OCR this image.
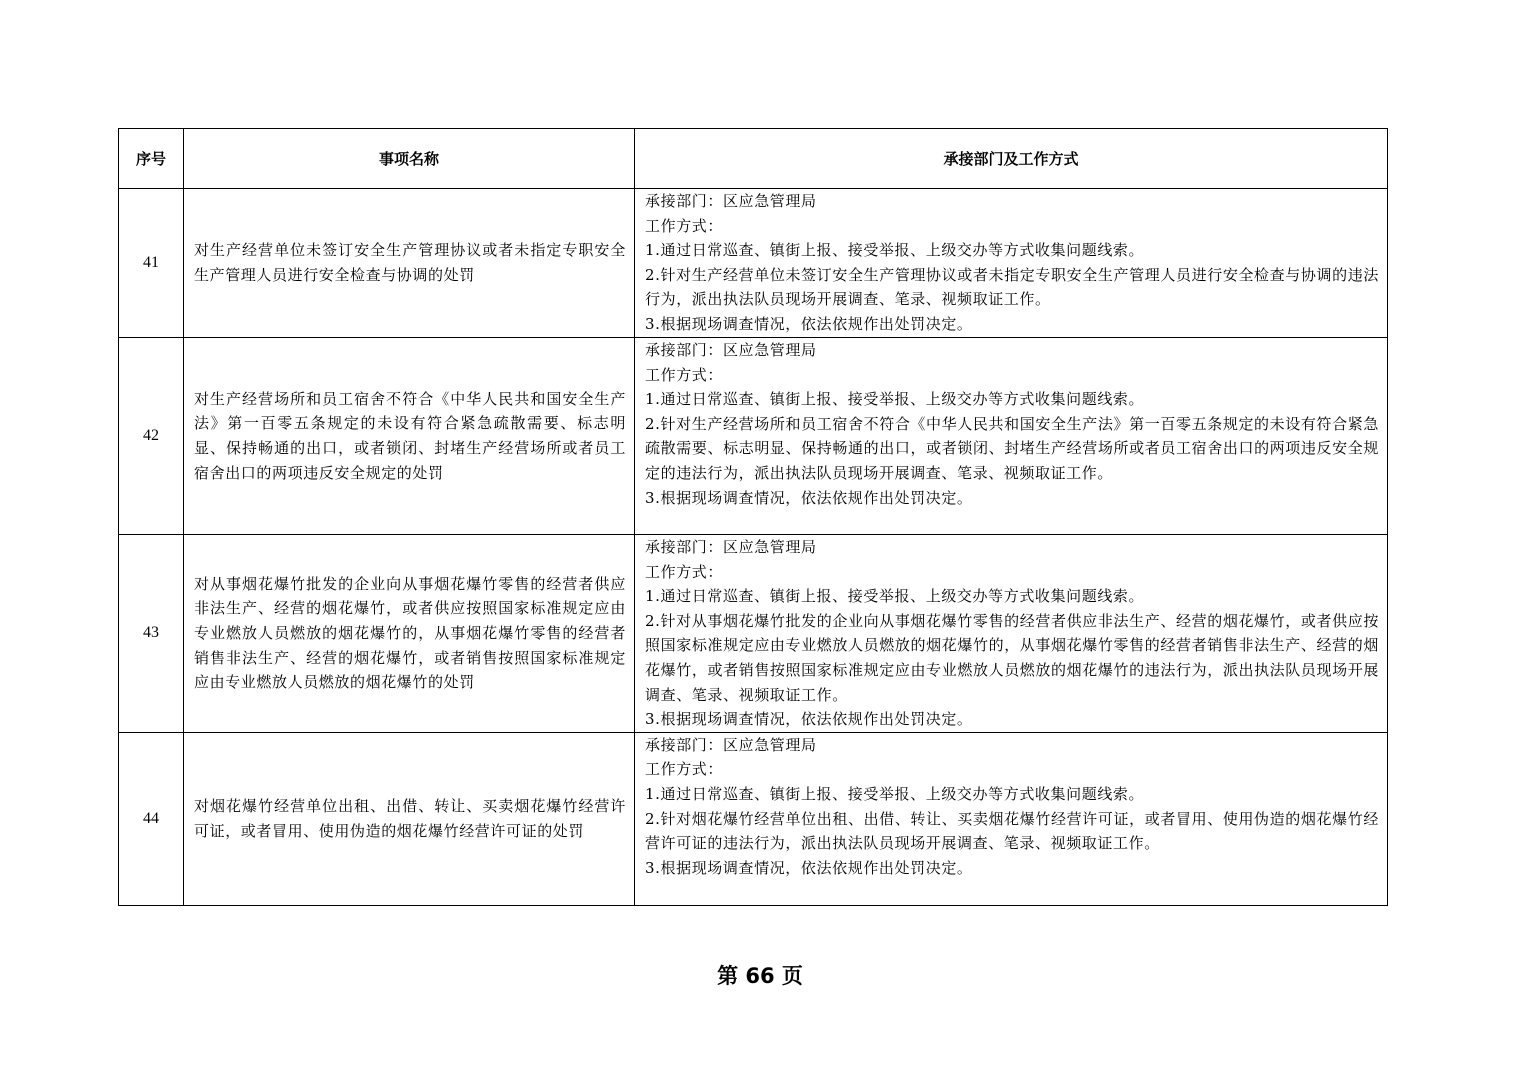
序号	事项名称	承接部门及工作方式
41	对生产经营单位未签订安全生产管理协议或者未指定专职安全生产管理人员进行安全检查与协调的处罚	承接部门：区应急管理局
工作方式：
1.通过日常巡查、镇街上报、接受举报、上级交办等方式收集问题线索。
2.针对生产经营单位未签订安全生产管理协议或者未指定专职安全生产管理人员进行安全检查与协调的违法行为，派出执法队员现场开展调查、笔录、视频取证工作。
3.根据现场调查情况，依法依规作出处罚决定。

42	对生产经营场所和员工宿舍不符合《中华人民共和国安全生产法》第一百零五条规定的未设有符合紧急疏散需要、标志明显、保持畅通的出口，或者锁闭、封堵生产经营场所或者员工宿舍出口的两项违反安全规定的处罚	承接部门：区应急管理局
工作方式：
1.通过日常巡查、镇街上报、接受举报、上级交办等方式收集问题线索。
2.针对生产经营场所和员工宿舍不符合《中华人民共和国安全生产法》第一百零五条规定的未设有符合紧急疏散需要、标志明显、保持畅通的出口，或者锁闭、封堵生产经营场所或者员工宿舍出口的两项违反安全规定的违法行为，派出执法队员现场开展调查、笔录、视频取证工作。
3.根据现场调查情况，依法依规作出处罚决定。

43	对从事烟花爆竹批发的企业向从事烟花爆竹零售的经营者供应非法生产、经营的烟花爆竹，或者供应按照国家标准规定应由专业燃放人员燃放的烟花爆竹的，从事烟花爆竹零售的经营者销售非法生产、经营的烟花爆竹，或者销售按照国家标准规定应由专业燃放人员燃放的烟花爆竹的处罚	承接部门：区应急管理局
工作方式：
1.通过日常巡查、镇街上报、接受举报、上级交办等方式收集问题线索。
2.针对从事烟花爆竹批发的企业向从事烟花爆竹零售的经营者供应非法生产、经营的烟花爆竹，或者供应按照国家标准规定应由专业燃放人员燃放的烟花爆竹的，从事烟花爆竹零售的经营者销售非法生产、经营的烟花爆竹，或者销售按照国家标准规定应由专业燃放人员燃放的烟花爆竹的违法行为，派出执法队员现场开展调查、笔录、视频取证工作。
3.根据现场调查情况，依法依规作出处罚决定。

44	对烟花爆竹经营单位出租、出借、转让、买卖烟花爆竹经营许可证，或者冒用、使用伪造的烟花爆竹经营许可证的处罚	承接部门：区应急管理局
工作方式：
1.通过日常巡查、镇街上报、接受举报、上级交办等方式收集问题线索。
2.针对烟花爆竹经营单位出租、出借、转让、买卖烟花爆竹经营许可证，或者冒用、使用伪造的烟花爆竹经营许可证的违法行为，派出执法队员现场开展调查、笔录、视频取证工作。
3.根据现场调查情况，依法依规作出处罚决定。
第 66 页
